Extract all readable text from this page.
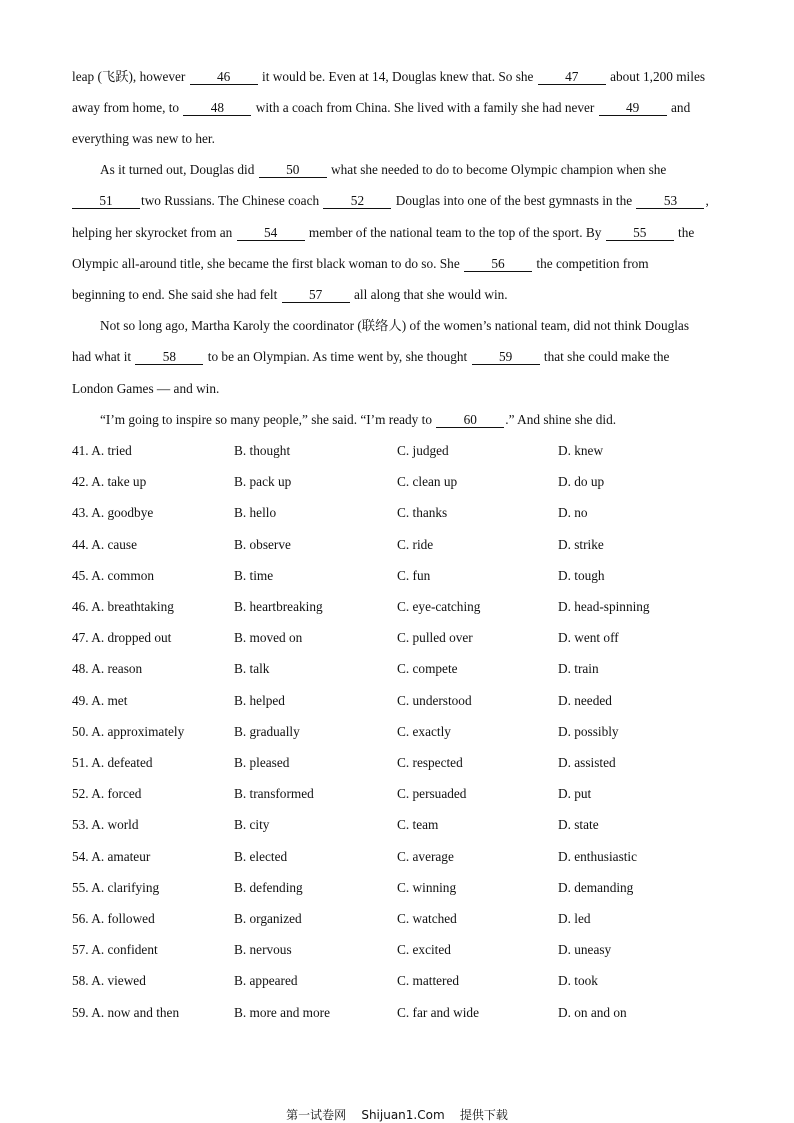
leap (飞跃), however 46 it would be. Even at 14, Douglas knew that. So she 47 about 1,200 miles
away from home, to 48 with a coach from China. She lived with a family she had never 49 and
everything was new to her.
As it turned out, Douglas did 50 what she needed to do to become Olympic champion when she
51 two Russians. The Chinese coach 52 Douglas into one of the best gymnasts in the 53 ,
helping her skyrocket from an 54 member of the national team to the top of the sport. By 55 the
Olympic all-around title, she became the first black woman to do so. She 56 the competition from
beginning to end. She said she had felt 57 all along that she would win.
Not so long ago, Martha Karoly the coordinator (联络人) of the women’s national team, did not think Douglas
had what it 58 to be an Olympian. As time went by, she thought 59 that she could make the
London Games — and win.
“I’m going to inspire so many people,” she said. “I’m ready to 60 .” And shine she did.
41. A. tried	B. thought	C. judged	D. knew
42. A. take up	B. pack up	C. clean up	D. do up
43. A. goodbye	B. hello	C. thanks	D. no
44. A. cause	B. observe	C. ride	D. strike
45. A. common	B. time	C. fun	D. tough
46. A. breathtaking	B. heartbreaking	C. eye-catching	D. head-spinning
47. A. dropped out	B. moved on	C. pulled over	D. went off
48. A. reason	B. talk	C. compete	D. train
49. A. met	B. helped	C. understood	D. needed
50. A. approximately	B. gradually	C. exactly	D. possibly
51. A. defeated	B. pleased	C. respected	D. assisted
52. A. forced	B. transformed	C. persuaded	D. put
53. A. world	B. city	C. team	D. state
54. A. amateur	B. elected	C. average	D. enthusiastic
55. A. clarifying	B. defending	C. winning	D. demanding
56. A. followed	B. organized	C. watched	D. led
57. A. confident	B. nervous	C. excited	D. uneasy
58. A. viewed	B. appeared	C. mattered	D. took
59. A. now and then	B. more and more	C. far and wide	D. on and on
第一试卷网    Shijuan1.Com    提供下载
